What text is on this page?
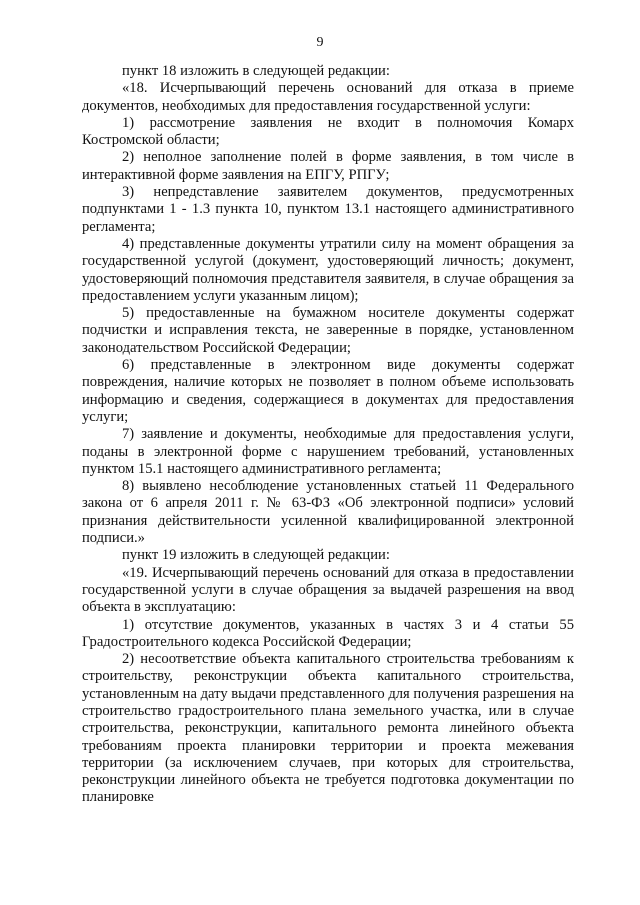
9

пункт 18 изложить в следующей редакции:

«18. Исчерпывающий перечень оснований для отказа в приеме документов, необходимых для предоставления государственной услуги:

1) рассмотрение заявления не входит в полномочия Комарх Костромской области;

2) неполное заполнение полей в форме заявления, в том числе в интерактивной форме заявления на ЕПГУ, РПГУ;

3) непредставление заявителем документов, предусмотренных подпунктами 1 - 1.3 пункта 10, пунктом 13.1 настоящего административного регламента;

4) представленные документы утратили силу на момент обращения за государственной услугой (документ, удостоверяющий личность; документ, удостоверяющий полномочия представителя заявителя, в случае обращения за предоставлением услуги указанным лицом);

5) предоставленные на бумажном носителе документы содержат подчистки и исправления текста, не заверенные в порядке, установленном законодательством Российской Федерации;

6) представленные в электронном виде документы содержат повреждения, наличие которых не позволяет в полном объеме использовать информацию и сведения, содержащиеся в документах для предоставления услуги;

7) заявление и документы, необходимые для предоставления услуги, поданы в электронной форме с нарушением требований, установленных пунктом 15.1 настоящего административного регламента;

8) выявлено несоблюдение установленных статьей 11 Федерального закона от 6 апреля 2011 г. № 63-ФЗ «Об электронной подписи» условий признания действительности усиленной квалифицированной электронной подписи.»

пункт 19 изложить в следующей редакции:

«19. Исчерпывающий перечень оснований для отказа в предоставлении государственной услуги в случае обращения за выдачей разрешения на ввод объекта в эксплуатацию:

1) отсутствие документов, указанных в частях 3 и 4 статьи 55 Градостроительного кодекса Российской Федерации;

2) несоответствие объекта капитального строительства требованиям к строительству, реконструкции объекта капитального строительства, установленным на дату выдачи представленного для получения разрешения на строительство градостроительного плана земельного участка, или в случае строительства, реконструкции, капитального ремонта линейного объекта требованиям проекта планировки территории и проекта межевания территории (за исключением случаев, при которых для строительства, реконструкции линейного объекта не требуется подготовка документации по планировке
